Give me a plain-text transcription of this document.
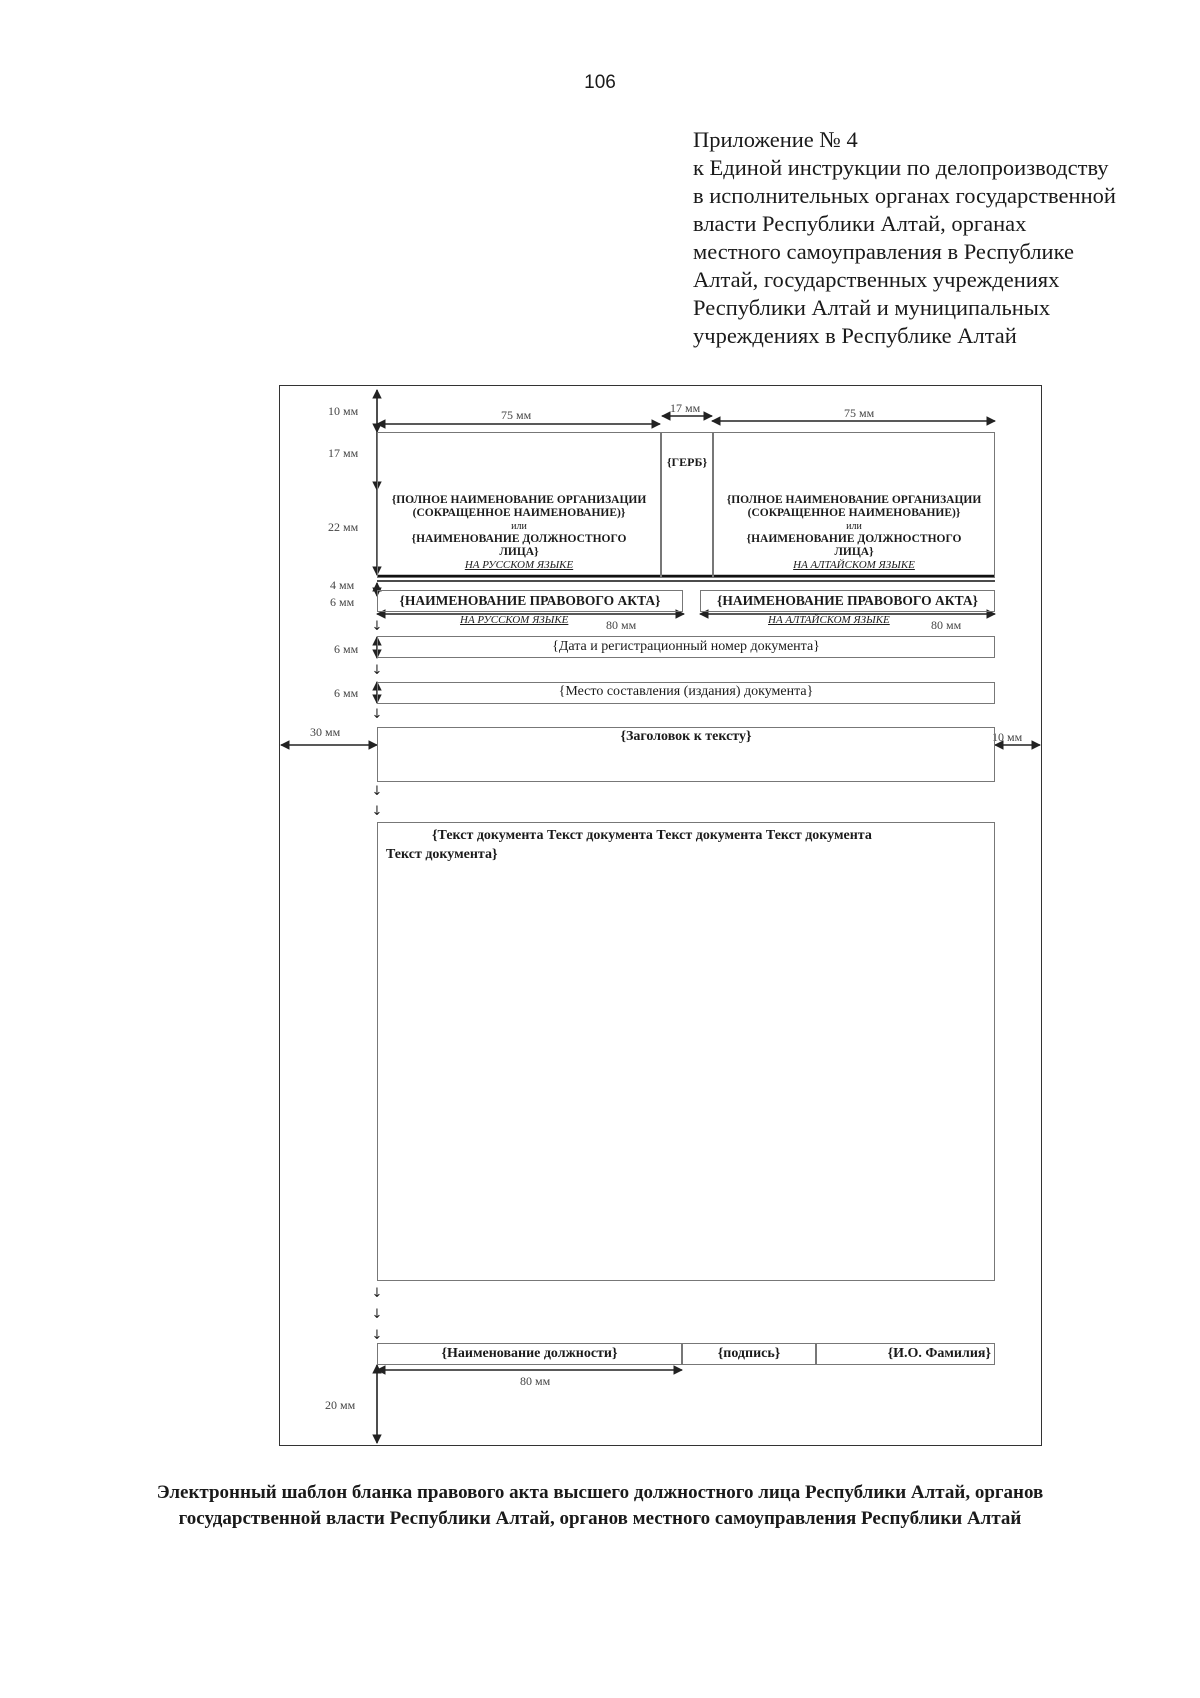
106
Приложение № 4
к Единой инструкции по делопроизводству
в исполнительных органах государственной
власти Республики Алтай, органах
местного самоуправления в Республике
Алтай, государственных учреждениях
Республики Алтай и муниципальных
учреждениях в Республике Алтай
↓
↓
↓
↓
↓
↓
↓
↓
10 мм	75 мм	17 мм	75 мм
17 мм
22 мм
4 мм
6 мм
80 мм	80 мм
6 мм
6 мм
30 мм	10 мм
80 мм
20 мм
{ГЕРБ}
{ПОЛНОЕ НАИМЕНОВАНИЕ ОРГАНИЗАЦИИ
(СОКРАЩЕННОЕ НАИМЕНОВАНИЕ)}
или
{НАИМЕНОВАНИЕ ДОЛЖНОСТНОГО
ЛИЦА}
НА РУССКОМ ЯЗЫКЕ
{ПОЛНОЕ НАИМЕНОВАНИЕ ОРГАНИЗАЦИИ
(СОКРАЩЕННОЕ НАИМЕНОВАНИЕ)}
или
{НАИМЕНОВАНИЕ ДОЛЖНОСТНОГО
ЛИЦА}
НА АЛТАЙСКОМ ЯЗЫКЕ
{НАИМЕНОВАНИЕ ПРАВОВОГО АКТА}	{НАИМЕНОВАНИЕ ПРАВОВОГО АКТА}
НА РУССКОМ ЯЗЫКЕ	НА АЛТАЙСКОМ ЯЗЫКЕ
{Дата и регистрационный номер документа}
{Место составления (издания) документа}
{Заголовок к тексту}
{Текст документа Текст документа Текст документа Текст документа
Текст документа}
{Наименование должности}	{подпись}	{И.О. Фамилия}
Электронный шаблон бланка правового акта высшего должностного лица Республики Алтай, органов
государственной власти Республики Алтай, органов местного самоуправления Республики Алтай
